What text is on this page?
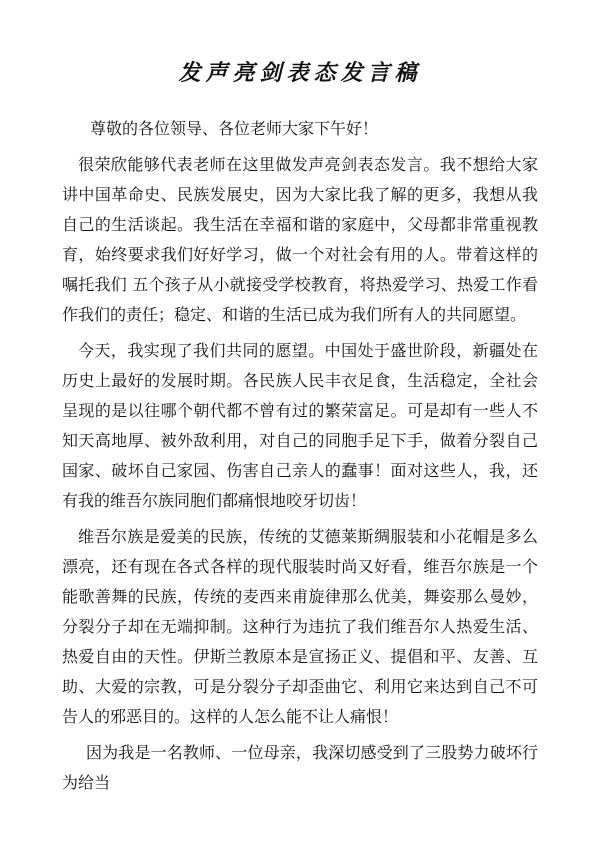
发声亮剑表态发言稿

尊敬的各位领导、各位老师大家下午好！

很荣欣能够代表老师在这里做发声亮剑表态发言。我不想给大家讲中国革命史、民族发展史，因为大家比我了解的更多，我想从我自己的生活谈起。我生活在幸福和谐的家庭中，父母都非常重视教育，始终要求我们好好学习，做一个对社会有用的人。带着这样的嘱托我们 五个孩子从小就接受学校教育，将热爱学习、热爱工作看作我们的责任；稳定、和谐的生活已成为我们所有人的共同愿望。

今天，我实现了我们共同的愿望。中国处于盛世阶段，新疆处在历史上最好的发展时期。各民族人民丰衣足食，生活稳定，全社会呈现的是以往哪个朝代都不曾有过的繁荣富足。可是却有一些人不知天高地厚、被外敌利用，对自己的同胞手足下手，做着分裂自己国家、破坏自己家园、伤害自己亲人的蠢事！面对这些人，我，还有我的维吾尔族同胞们都痛恨地咬牙切齿！

维吾尔族是爱美的民族，传统的艾德莱斯绸服装和小花帽是多么漂亮，还有现在各式各样的现代服装时尚又好看，维吾尔族是一个能歌善舞的民族，传统的麦西来甫旋律那么优美，舞姿那么曼妙，分裂分子却在无端抑制。这种行为违抗了我们维吾尔人热爱生活、热爱自由的天性。伊斯兰教原本是宣扬正义、提倡和平、友善、互助、大爱的宗教，可是分裂分子却歪曲它、利用它来达到自己不可告人的邪恶目的。这样的人怎么能不让人痛恨！

因为我是一名教师、一位母亲，我深切感受到了三股势力破坏行为给当
